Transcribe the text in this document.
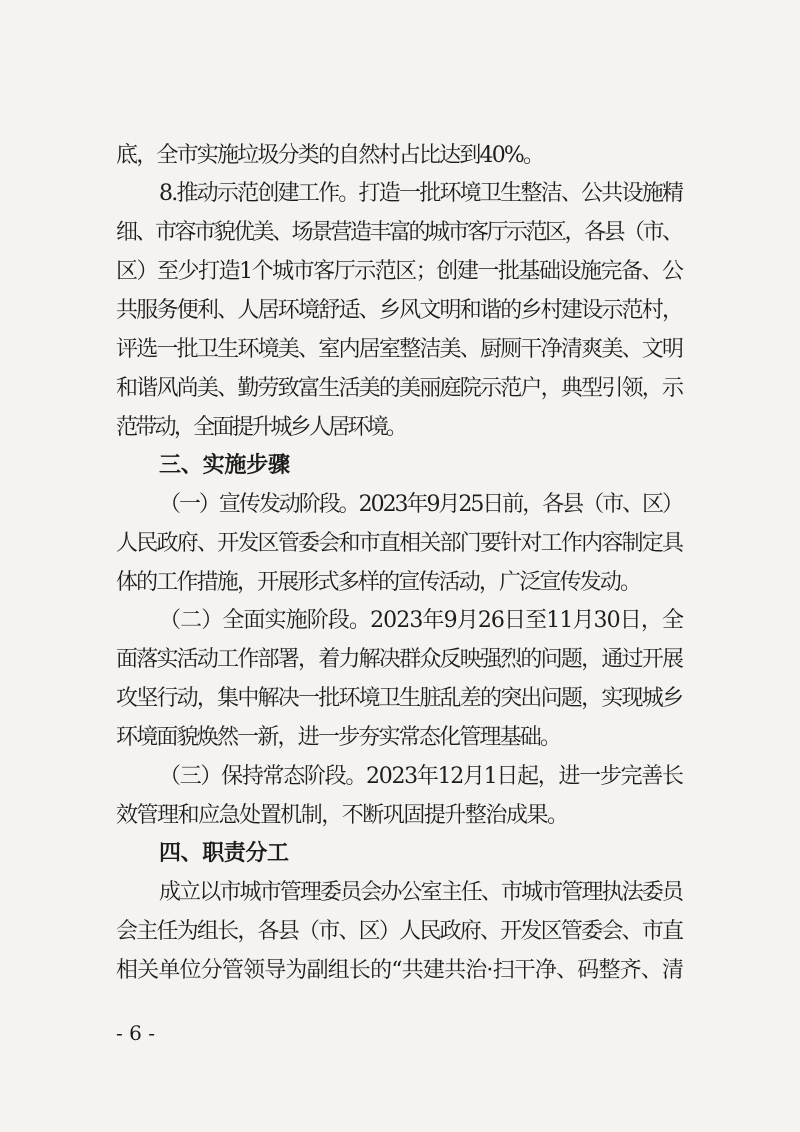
底，全市实施垃圾分类的自然村占比达到40%。
8.推动示范创建工作。打造一批环境卫生整洁、公共设施精
细、市容市貌优美、场景营造丰富的城市客厅示范区，各县（市、
区）至少打造1个城市客厅示范区；创建一批基础设施完备、公
共服务便利、人居环境舒适、乡风文明和谐的乡村建设示范村，
评选一批卫生环境美、室内居室整洁美、厨厕干净清爽美、文明
和谐风尚美、勤劳致富生活美的美丽庭院示范户，典型引领，示
范带动，全面提升城乡人居环境。
三、实施步骤
（一）宣传发动阶段。2023年9月25日前，各县（市、区）
人民政府、开发区管委会和市直相关部门要针对工作内容制定具
体的工作措施，开展形式多样的宣传活动，广泛宣传发动。
（二）全面实施阶段。2023年9月26日至11月30日，全
面落实活动工作部署，着力解决群众反映强烈的问题，通过开展
攻坚行动，集中解决一批环境卫生脏乱差的突出问题，实现城乡
环境面貌焕然一新，进一步夯实常态化管理基础。
（三）保持常态阶段。2023年12月1日起，进一步完善长
效管理和应急处置机制，不断巩固提升整治成果。
四、职责分工
成立以市城市管理委员会办公室主任、市城市管理执法委员
会主任为组长，各县（市、区）人民政府、开发区管委会、市直
相关单位分管领导为副组长的“共建共治·扫干净、码整齐、清
- 6 -
